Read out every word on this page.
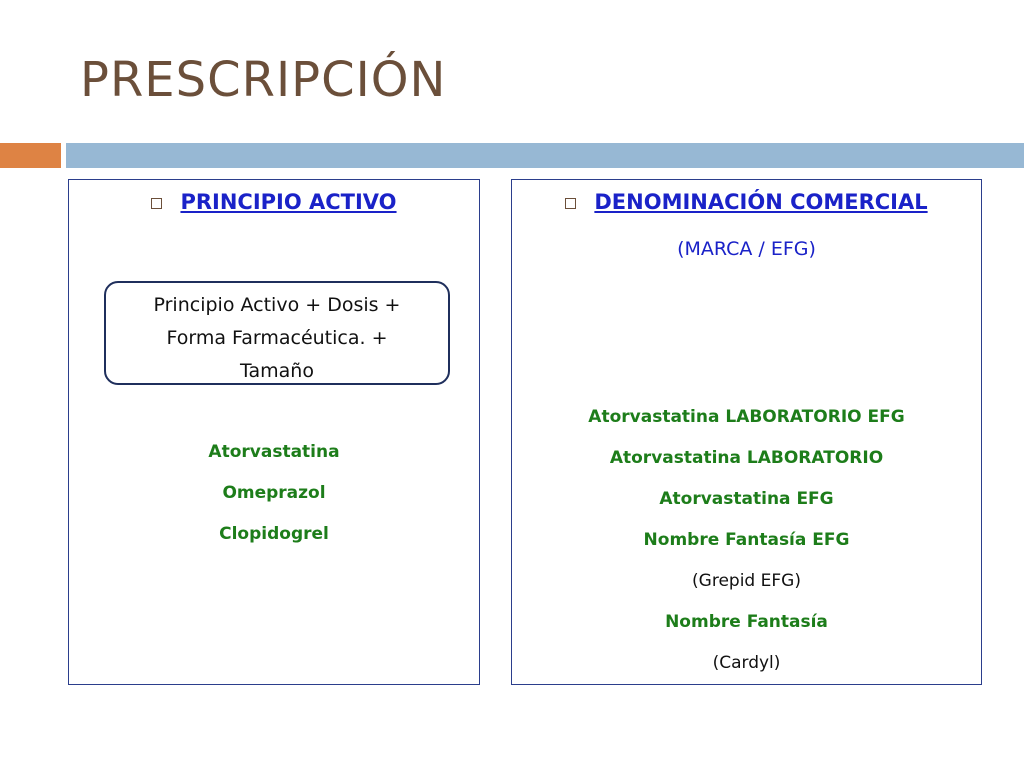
PRESCRIPCIÓN
PRINCIPIO ACTIVO
Principio Activo + Dosis +
Forma Farmacéutica. +
Tamaño
Atorvastatina
Omeprazol
Clopidogrel
DENOMINACIÓN COMERCIAL
(MARCA / EFG)
Atorvastatina LABORATORIO EFG
Atorvastatina LABORATORIO
Atorvastatina EFG
Nombre Fantasía EFG
(Grepid EFG)
Nombre Fantasía
(Cardyl)
